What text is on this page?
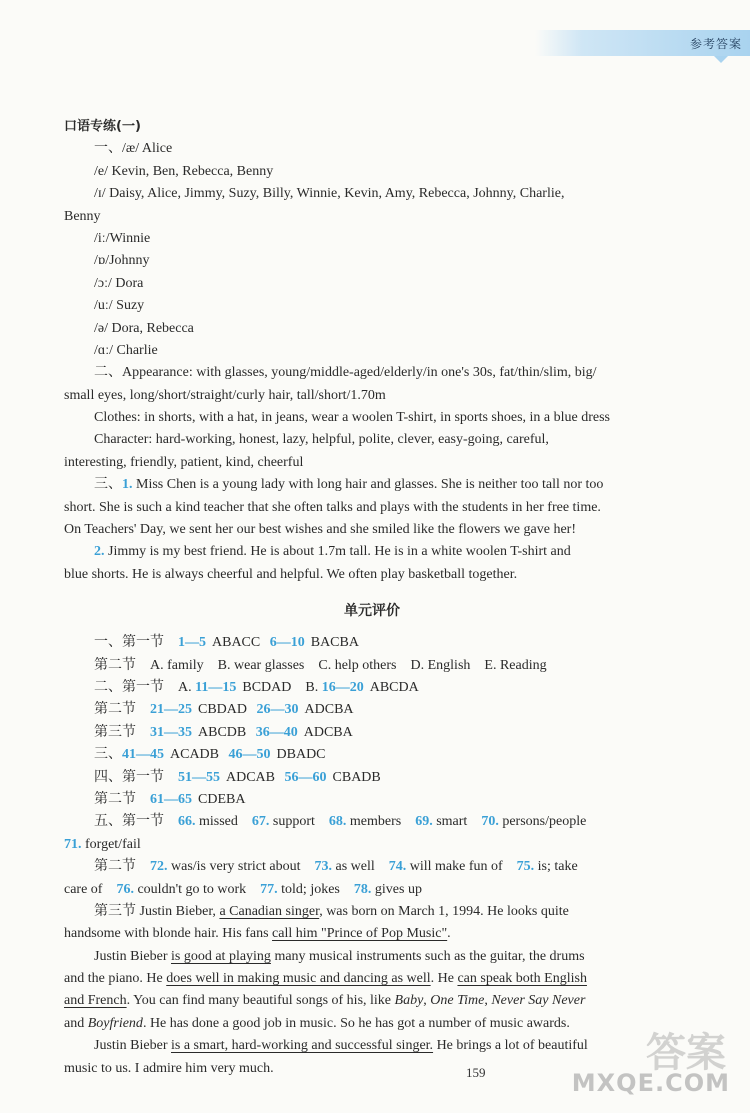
参考答案
口语专练(一)
一、/æ/ Alice
/e/ Kevin, Ben, Rebecca, Benny
/ɪ/ Daisy, Alice, Jimmy, Suzy, Billy, Winnie, Kevin, Amy, Rebecca, Johnny, Charlie,
Benny
/iː/Winnie
/ɒ/Johnny
/ɔː/ Dora
/uː/ Suzy
/ə/ Dora, Rebecca
/ɑː/ Charlie
二、Appearance: with glasses, young/middle-aged/elderly/in one's 30s, fat/thin/slim, big/
small eyes, long/short/straight/curly hair, tall/short/1.70m
Clothes: in shorts, with a hat, in jeans, wear a woolen T-shirt, in sports shoes, in a blue dress
Character: hard-working, honest, lazy, helpful, polite, clever, easy-going, careful,
interesting, friendly, patient, kind, cheerful
三、1. Miss Chen is a young lady with long hair and glasses. She is neither too tall nor too
short. She is such a kind teacher that she often talks and plays with the students in her free time.
On Teachers' Day, we sent her our best wishes and she smiled like the flowers we gave her!
2. Jimmy is my best friend. He is about 1.7m tall. He is in a white woolen T-shirt and
blue shorts. He is always cheerful and helpful. We often play basketball together.
单元评价
一、第一节　1—5 ABACC 6—10 BACBA
第二节　A. family　B. wear glasses　C. help others　D. English　E. Reading
二、第一节　A. 11—15 BCDAD　B. 16—20 ABCDA
第二节　21—25 CBDAD 26—30 ADCBA
第三节　31—35 ABCDB 36—40 ADCBA
三、41—45 ACADB 46—50 DBADC
四、第一节　51—55 ADCAB 56—60 CBADB
第二节　61—65 CDEBA
五、第一节　66. missed　 67. support　 68. members　 69. smart　 70. persons/people
71. forget/fail
第二节　72. was/is very strict about　 73. as well　 74. will make fun of　 75. is; take
care of　76. couldn't go to work　 77. told; jokes　 78. gives up
第三节 Justin Bieber, a Canadian singer, was born on March 1, 1994. He looks quite
handsome with blonde hair. His fans call him "Prince of Pop Music".
Justin Bieber is good at playing many musical instruments such as the guitar, the drums
and the piano. He does well in making music and dancing as well. He can speak both English
and French. You can find many beautiful songs of his, like Baby, One Time, Never Say Never
and Boyfriend. He has done a good job in music. So he has got a number of music awards.
Justin Bieber is a smart, hard-working and successful singer. He brings a lot of beautiful
music to us. I admire him very much.	159	答案
MXQE.COM
